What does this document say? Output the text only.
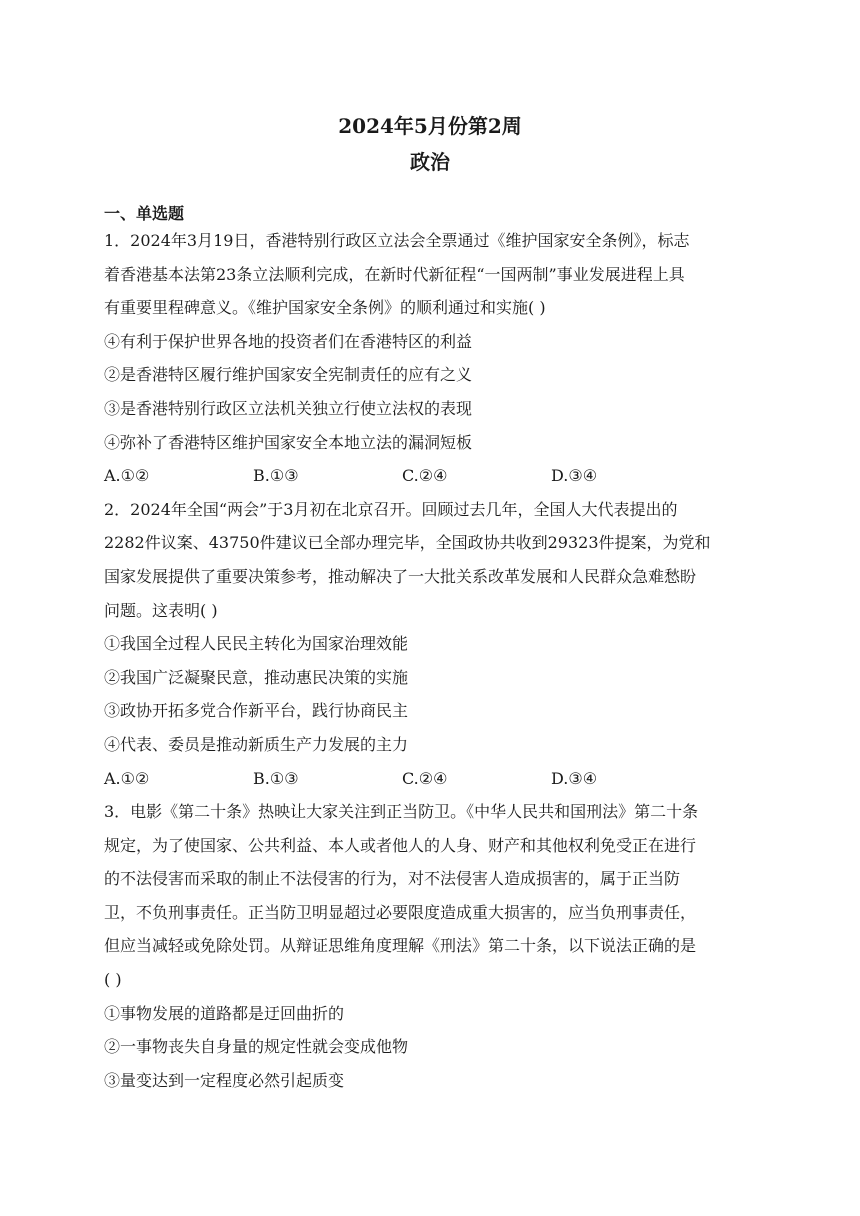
2024年5月份第2周
政治
一、单选题
1．2024年3月19日，香港特别行政区立法会全票通过《维护国家安全条例》，标志
着香港基本法第23条立法顺利完成，在新时代新征程“一国两制”事业发展进程上具
有重要里程碑意义。《维护国家安全条例》的顺利通过和实施( )
④有利于保护世界各地的投资者们在香港特区的利益
②是香港特区履行维护国家安全宪制责任的应有之义
③是香港特别行政区立法机关独立行使立法权的表现
④弥补了香港特区维护国家安全本地立法的漏洞短板
A.①②	B.①③	C.②④	D.③④
2．2024年全国“两会”于3月初在北京召开。回顾过去几年，全国人大代表提出的
2282件议案、43750件建议已全部办理完毕，全国政协共收到29323件提案，为党和
国家发展提供了重要决策参考，推动解决了一大批关系改革发展和人民群众急难愁盼
问题。这表明( )
①我国全过程人民民主转化为国家治理效能
②我国广泛凝聚民意，推动惠民决策的实施
③政协开拓多党合作新平台，践行协商民主
④代表、委员是推动新质生产力发展的主力
A.①②	B.①③	C.②④	D.③④
3．电影《第二十条》热映让大家关注到正当防卫。《中华人民共和国刑法》第二十条
规定，为了使国家、公共利益、本人或者他人的人身、财产和其他权利免受正在进行
的不法侵害而采取的制止不法侵害的行为，对不法侵害人造成损害的，属于正当防
卫，不负刑事责任。正当防卫明显超过必要限度造成重大损害的，应当负刑事责任，
但应当减轻或免除处罚。从辩证思维角度理解《刑法》第二十条，以下说法正确的是
( )
①事物发展的道路都是迂回曲折的
②一事物丧失自身量的规定性就会变成他物
③量变达到一定程度必然引起质变
